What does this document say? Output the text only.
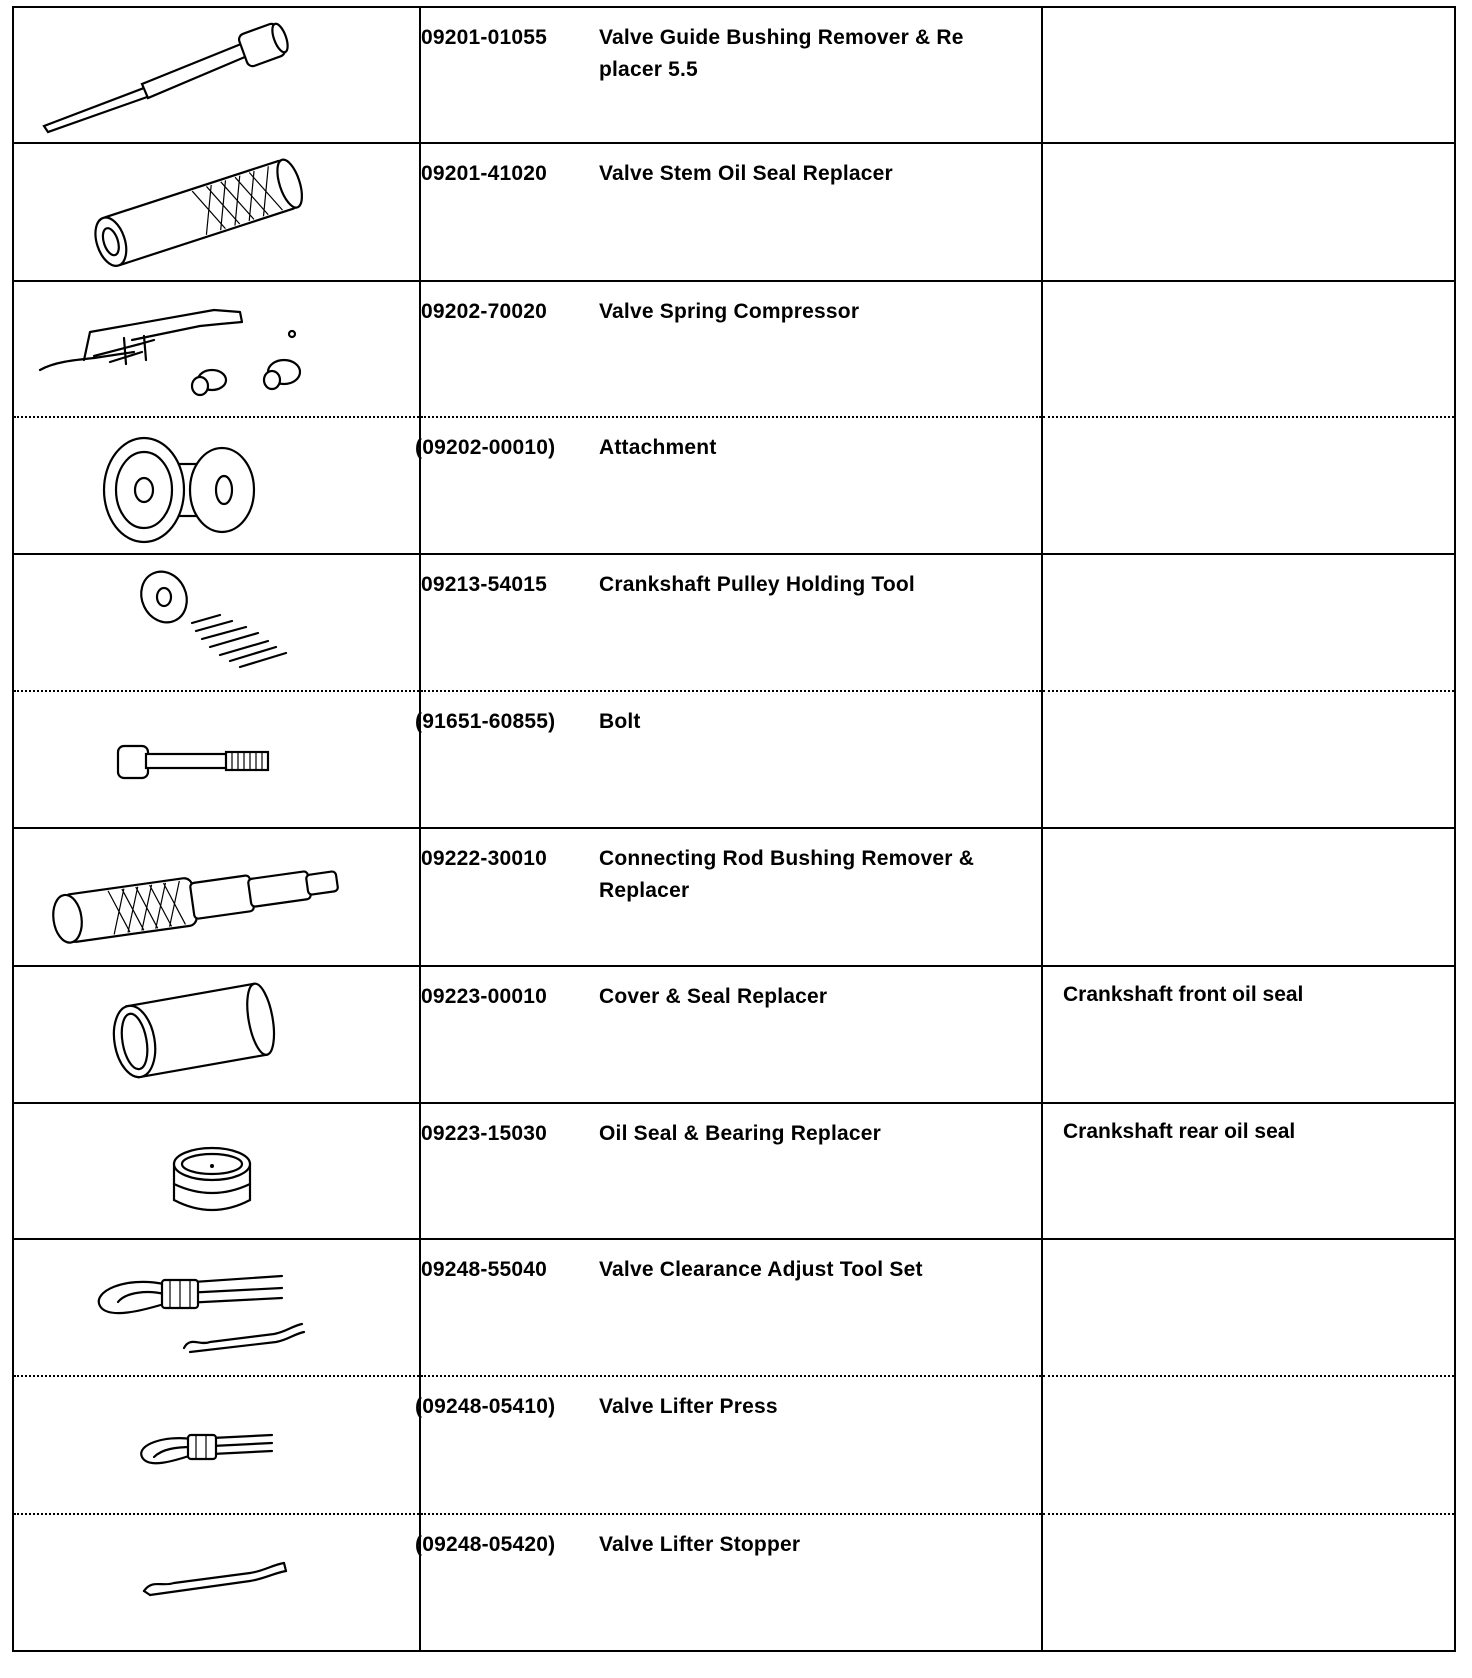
09201-01055 Valve Guide Bushing Remover & Re placer 5.5	

09201-41020 Valve Stem Oil Seal Replacer	

09202-70020 Valve Spring Compressor	

(09202-00010) Attachment	

09213-54015 Crankshaft Pulley Holding Tool	

(91651-60855) Bolt	

09222-30010 Connecting Rod Bushing Remover & Replacer	

09223-00010 Cover & Seal Replacer	Crankshaft front oil seal

09223-15030 Oil Seal & Bearing Replacer	Crankshaft rear oil seal

09248-55040 Valve Clearance Adjust Tool Set	

(09248-05410) Valve Lifter Press	

(09248-05420) Valve Lifter Stopper	
